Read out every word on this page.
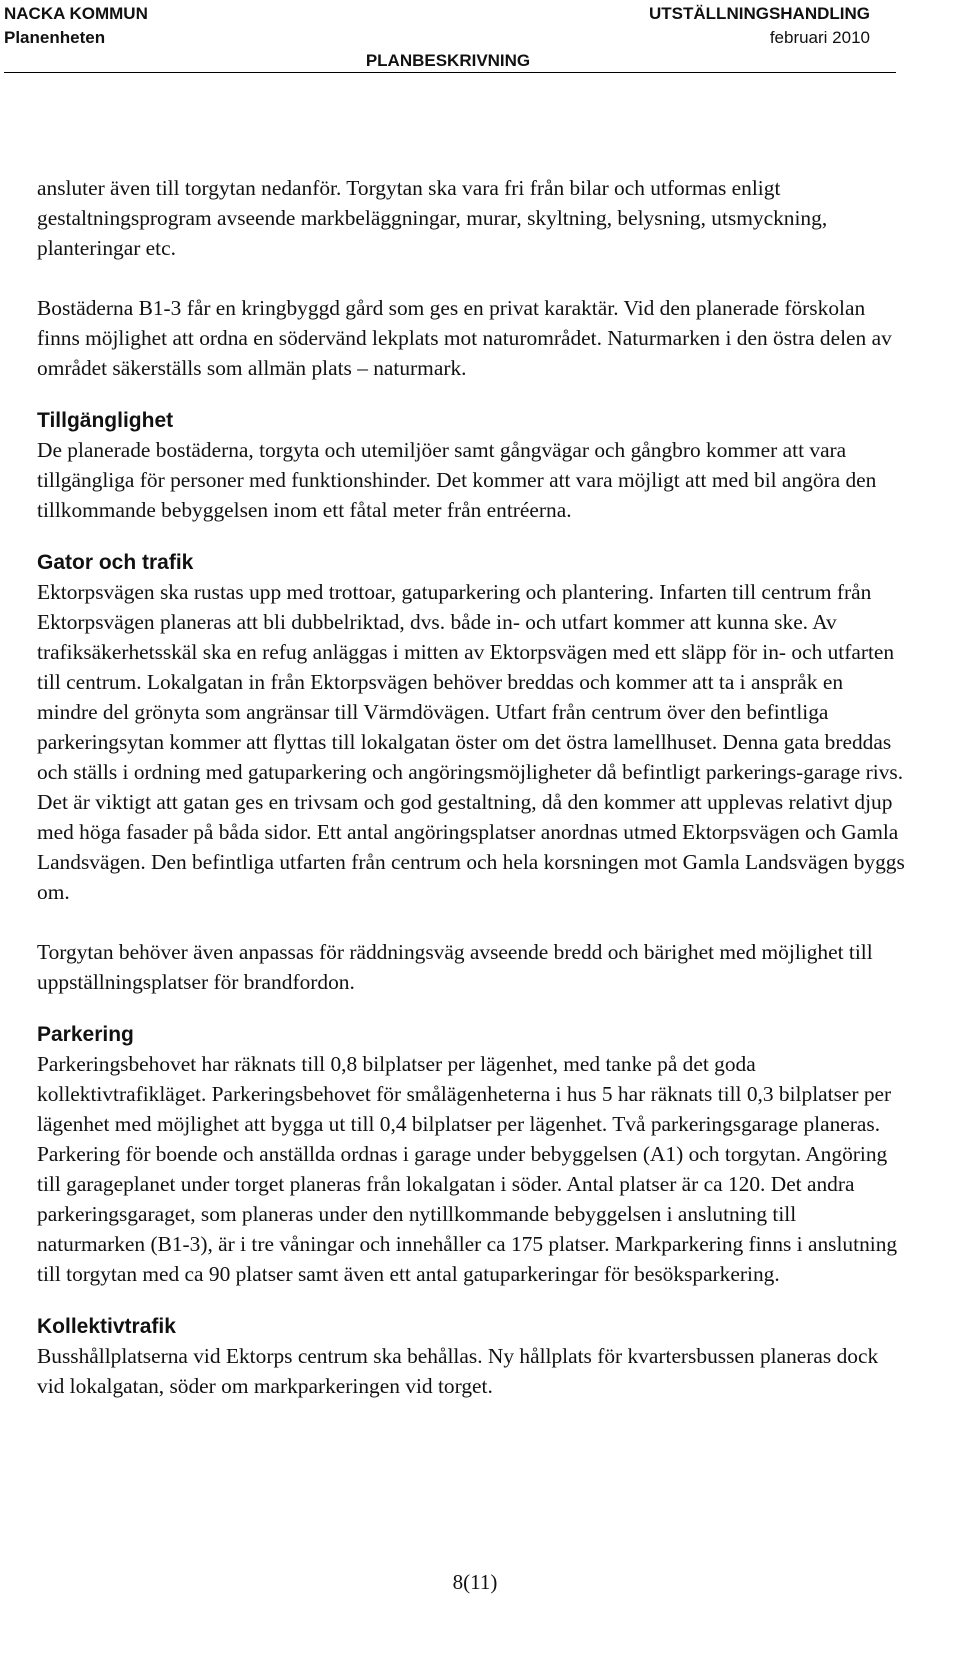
NACKA KOMMUN
Planenheten
UTSTÄLLNINGSHANDLING
februari 2010
PLANBESKRIVNING

ansluter även till torgytan nedanför. Torgytan ska vara fri från bilar och utformas enligt gestaltningsprogram avseende markbeläggningar, murar, skyltning, belysning, utsmyckning, planteringar etc.

Bostäderna B1-3 får en kringbyggd gård som ges en privat karaktär. Vid den planerade förskolan finns möjlighet att ordna en södervänd lekplats mot naturområdet. Naturmarken i den östra delen av området säkerställs som allmän plats – naturmark.

Tillgänglighet

De planerade bostäderna, torgyta och utemiljöer samt gångvägar och gångbro kommer att vara tillgängliga för personer med funktionshinder. Det kommer att vara möjligt att med bil angöra den tillkommande bebyggelsen inom ett fåtal meter från entréerna.

Gator och trafik

Ektorpsvägen ska rustas upp med trottoar, gatuparkering och plantering. Infarten till centrum från Ektorpsvägen planeras att bli dubbelriktad, dvs. både in- och utfart kommer att kunna ske. Av trafiksäkerhetsskäl ska en refug anläggas i mitten av Ektorpsvägen med ett släpp för in- och utfarten till centrum. Lokalgatan in från Ektorpsvägen behöver breddas och kommer att ta i anspråk en mindre del grönyta som angränsar till Värmdövägen. Utfart från centrum över den befintliga parkeringsytan kommer att flyttas till lokalgatan öster om det östra lamellhuset. Denna gata breddas och ställs i ordning med gatuparkering och angöringsmöjligheter då befintligt parkerings-garage rivs. Det är viktigt att gatan ges en trivsam och god gestaltning, då den kommer att upplevas relativt djup med höga fasader på båda sidor. Ett antal angöringsplatser anordnas utmed Ektorpsvägen och Gamla Landsvägen. Den befintliga utfarten från centrum och hela korsningen mot Gamla Landsvägen byggs om.

Torgytan behöver även anpassas för räddningsväg avseende bredd och bärighet med möjlighet till uppställningsplatser för brandfordon.

Parkering

Parkeringsbehovet har räknats till 0,8 bilplatser per lägenhet, med tanke på det goda kollektivtrafikläget. Parkeringsbehovet för smålägenheterna i hus 5 har räknats till 0,3 bilplatser per lägenhet med möjlighet att bygga ut till 0,4 bilplatser per lägenhet. Två parkeringsgarage planeras. Parkering för boende och anställda ordnas i garage under bebyggelsen (A1) och torgytan. Angöring till garageplanet under torget planeras från lokalgatan i söder. Antal platser är ca 120. Det andra parkeringsgaraget, som planeras under den nytillkommande bebyggelsen i anslutning till naturmarken (B1-3), är i tre våningar och innehåller ca 175 platser. Markparkering finns i anslutning till torgytan med ca 90 platser samt även ett antal gatuparkeringar för besöksparkering.

Kollektivtrafik

Busshållplatserna vid Ektorps centrum ska behållas. Ny hållplats för kvartersbussen planeras dock vid lokalgatan, söder om markparkeringen vid torget.

8(11)
